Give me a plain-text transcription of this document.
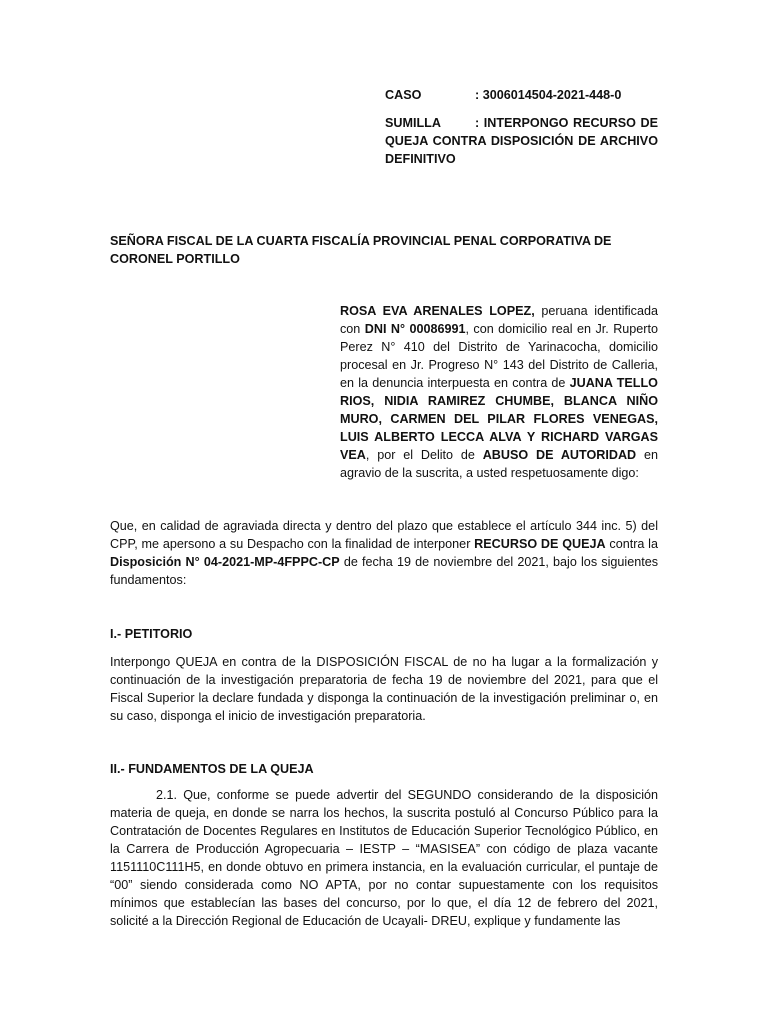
CASO	: 3006014504-2021-448-0
SUMILLA	: INTERPONGO RECURSO DE QUEJA CONTRA DISPOSICIÓN DE ARCHIVO DEFINITIVO
SEÑORA FISCAL DE LA CUARTA FISCALÍA PROVINCIAL PENAL CORPORATIVA DE CORONEL PORTILLO
ROSA EVA ARENALES LOPEZ, peruana identificada con DNI N° 00086991, con domicilio real en Jr. Ruperto Perez N° 410 del Distrito de Yarinacocha, domicilio procesal en Jr. Progreso N° 143 del Distrito de Calleria, en la denuncia interpuesta en contra de JUANA TELLO RIOS, NIDIA RAMIREZ CHUMBE, BLANCA NIÑO MURO, CARMEN DEL PILAR FLORES VENEGAS, LUIS ALBERTO LECCA ALVA Y RICHARD VARGAS VEA, por el Delito de ABUSO DE AUTORIDAD en agravio de la suscrita, a usted respetuosamente digo:
Que, en calidad de agraviada directa y dentro del plazo que establece el artículo 344 inc. 5) del CPP, me apersono a su Despacho con la finalidad de interponer RECURSO DE QUEJA contra la Disposición N° 04-2021-MP-4FPPC-CP de fecha 19 de noviembre del 2021, bajo los siguientes fundamentos:
I.- PETITORIO
Interpongo QUEJA en contra de la DISPOSICIÓN FISCAL de no ha lugar a la formalización y continuación de la investigación preparatoria de fecha 19 de noviembre del 2021, para que el Fiscal Superior la declare fundada y disponga la continuación de la investigación preliminar o, en su caso, disponga el inicio de investigación preparatoria.
II.- FUNDAMENTOS DE LA QUEJA
2.1. Que, conforme se puede advertir del SEGUNDO considerando de la disposición materia de queja, en donde se narra los hechos, la suscrita postuló al Concurso Público para la Contratación de Docentes Regulares en Institutos de Educación Superior Tecnológico Público, en la Carrera de Producción Agropecuaria – IESTP – “MASISEA” con código de plaza vacante 1151110C111H5, en donde obtuvo en primera instancia, en la evaluación curricular, el puntaje de “00” siendo considerada como NO APTA, por no contar supuestamente con los requisitos mínimos que establecían las bases del concurso, por lo que, el día 12 de febrero del 2021, solicité a la Dirección Regional de Educación de Ucayali- DREU, explique y fundamente las
